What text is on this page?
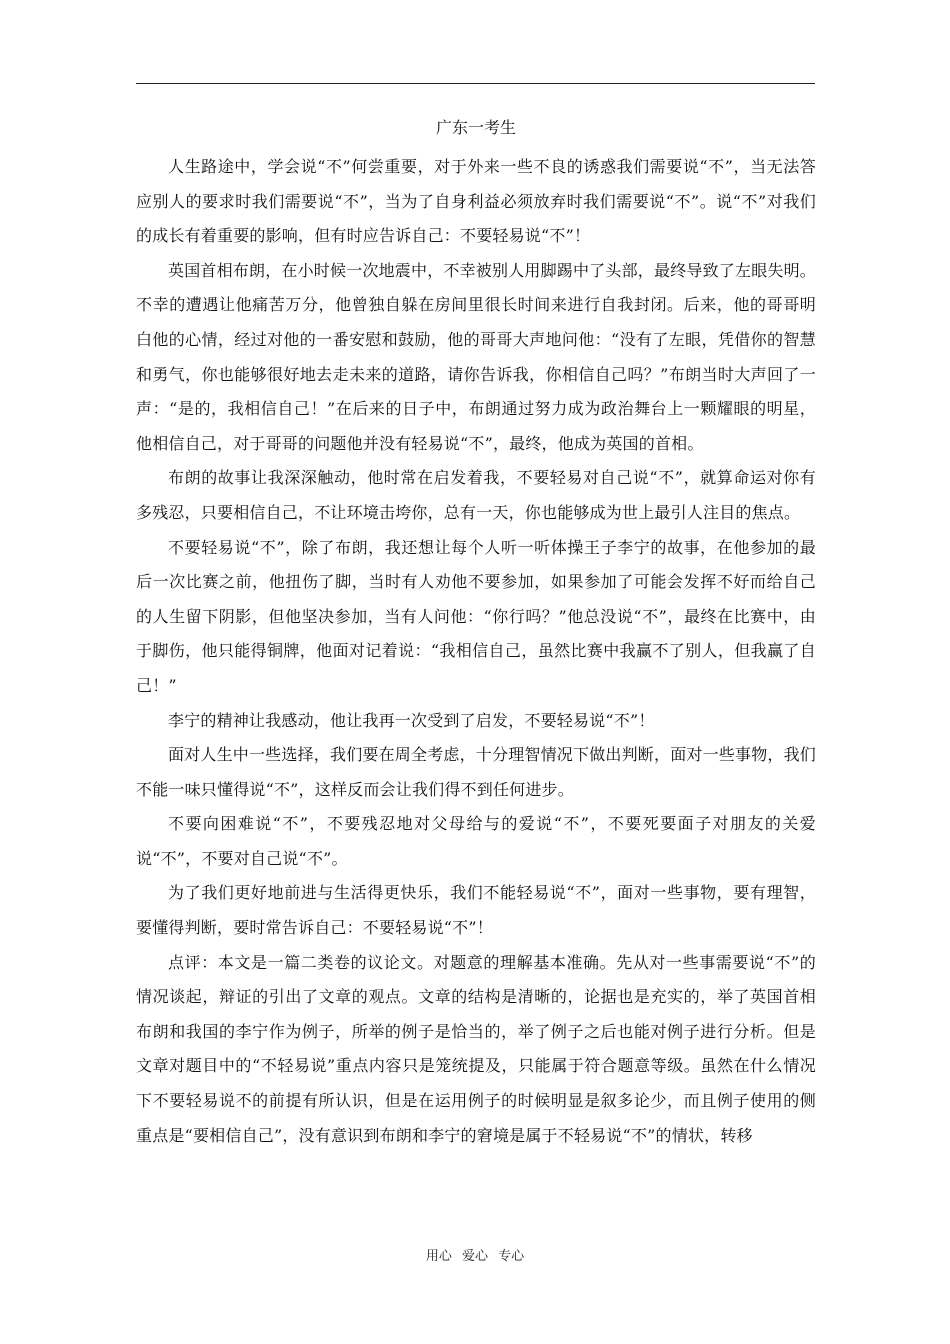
广东一考生

人生路途中，学会说“不”何尝重要，对于外来一些不良的诱惑我们需要说“不”，当无法答应别人的要求时我们需要说“不”，当为了自身利益必须放弃时我们需要说“不”。说“不”对我们的成长有着重要的影响，但有时应告诉自己：不要轻易说“不”！

英国首相布朗，在小时候一次地震中，不幸被别人用脚踢中了头部，最终导致了左眼失明。不幸的遭遇让他痛苦万分，他曾独自躲在房间里很长时间来进行自我封闭。后来，他的哥哥明白他的心情，经过对他的一番安慰和鼓励，他的哥哥大声地问他：“没有了左眼，凭借你的智慧和勇气，你也能够很好地去走未来的道路，请你告诉我，你相信自己吗？”布朗当时大声回了一声：“是的，我相信自己！”在后来的日子中，布朗通过努力成为政治舞台上一颗耀眼的明星，他相信自己，对于哥哥的问题他并没有轻易说“不”，最终，他成为英国的首相。

布朗的故事让我深深触动，他时常在启发着我，不要轻易对自己说“不”，就算命运对你有多残忍，只要相信自己，不让环境击垮你，总有一天，你也能够成为世上最引人注目的焦点。

不要轻易说“不”，除了布朗，我还想让每个人听一听体操王子李宁的故事，在他参加的最后一次比赛之前，他扭伤了脚，当时有人劝他不要参加，如果参加了可能会发挥不好而给自己的人生留下阴影，但他坚决参加，当有人问他：“你行吗？”他总没说“不”，最终在比赛中，由于脚伤，他只能得铜牌，他面对记着说：“我相信自己，虽然比赛中我赢不了别人，但我赢了自己！”

李宁的精神让我感动，他让我再一次受到了启发，不要轻易说“不”！

面对人生中一些选择，我们要在周全考虑，十分理智情况下做出判断，面对一些事物，我们不能一味只懂得说“不”，这样反而会让我们得不到任何进步。

不要向困难说“不”，不要残忍地对父母给与的爱说“不”，不要死要面子对朋友的关爱说“不”，不要对自己说“不”。

为了我们更好地前进与生活得更快乐，我们不能轻易说“不”，面对一些事物，要有理智，要懂得判断，要时常告诉自己：不要轻易说“不”！

点评：本文是一篇二类卷的议论文。对题意的理解基本准确。先从对一些事需要说“不”的情况谈起，辩证的引出了文章的观点。文章的结构是清晰的，论据也是充实的，举了英国首相布朗和我国的李宁作为例子，所举的例子是恰当的，举了例子之后也能对例子进行分析。但是文章对题目中的“不轻易说”重点内容只是笼统提及，只能属于符合题意等级。虽然在什么情况下不要轻易说不的前提有所认识，但是在运用例子的时候明显是叙多论少，而且例子使用的侧重点是“要相信自己”，没有意识到布朗和李宁的窘境是属于不轻易说“不”的情状，转移

用心 爱心 专心
